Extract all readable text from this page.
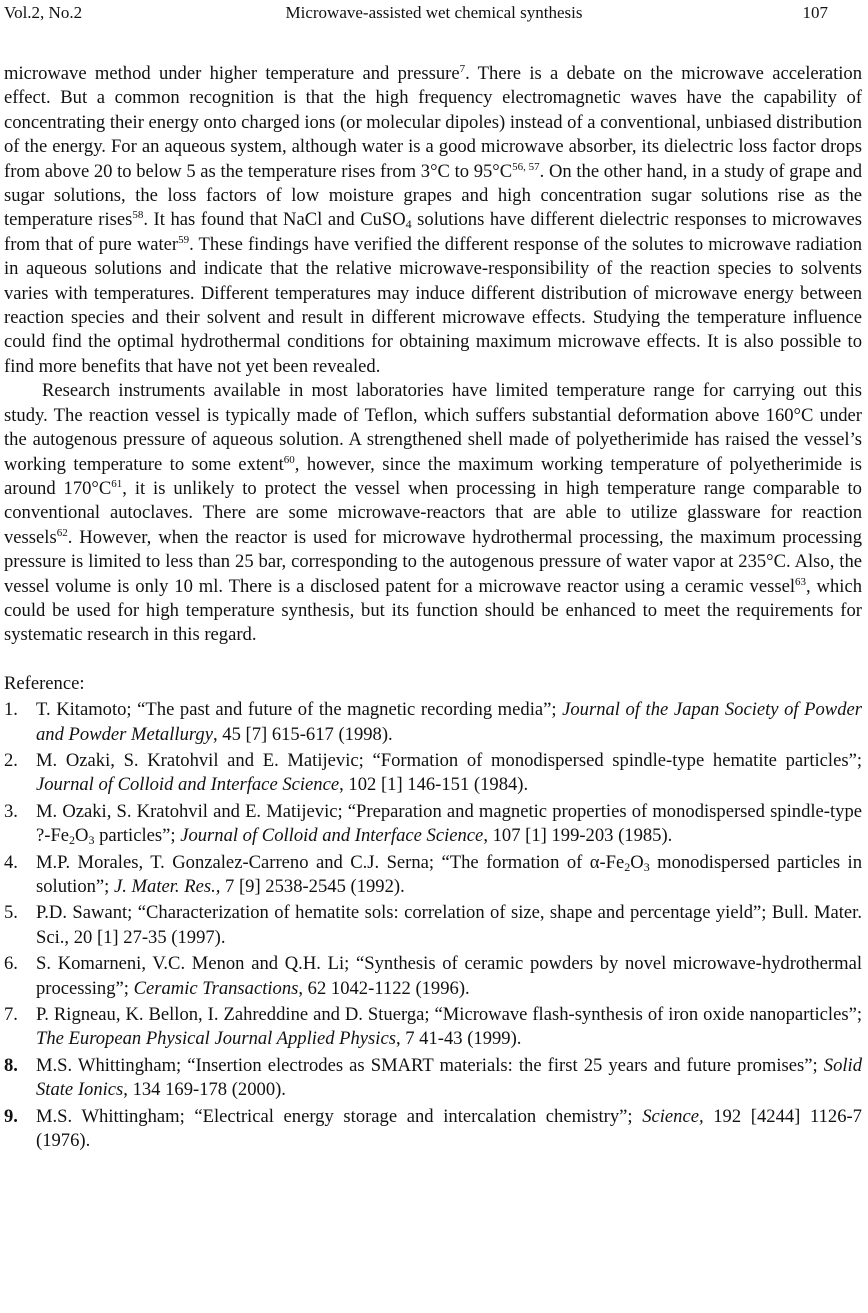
Vol.2, No.2	Microwave-assisted wet chemical synthesis	107

microwave method under higher temperature and pressure$^7$. There is a debate on the microwave acceleration effect. But a common recognition is that the high frequency electromagnetic waves have the capability of concentrating their energy onto charged ions (or molecular dipoles) instead of a conventional, unbiased distribution of the energy. For an aqueous system, although water is a good microwave absorber, its dielectric loss factor drops from above 20 to below 5 as the temperature rises from 3°C to $95^\circ C^{56, 57}$. On the other hand, in a study of grape and sugar solutions, the loss factors of low moisture grapes and high concentration sugar solutions rise as the temperature rises$^{58}$. It has found that NaCl and CuSO$_4$ solutions have different dielectric responses to microwaves from that of pure water$^{59}$. These findings have verified the different response of the solutes to microwave radiation in aqueous solutions and indicate that the relative microwave-responsibility of the reaction species to solvents varies with temperatures. Different temperatures may induce different distribution of microwave energy between reaction species and their solvent and result in different microwave effects. Studying the temperature influence could find the optimal hydrothermal conditions for obtaining maximum microwave effects. It is also possible to find more benefits that have not yet been revealed.

Research instruments available in most laboratories have limited temperature range for carrying out this study. The reaction vessel is typically made of Teflon, which suffers substantial deformation above 160°C under the autogenous pressure of aqueous solution. A strengthened shell made of polyetherimide has raised the vessel’s working temperature to some extent$^{60}$, however, since the maximum working temperature of polyetherimide is around $170^\circ C^{61}$, it is unlikely to protect the vessel when processing in high temperature range comparable to conventional autoclaves. There are some microwave-reactors that are able to utilize glassware for reaction vessels$^{62}$. However, when the reactor is used for microwave hydrothermal processing, the maximum processing pressure is limited to less than 25 bar, corresponding to the autogenous pressure of water vapor at 235°C. Also, the vessel volume is only 10 ml. There is a disclosed patent for a microwave reactor using a ceramic vessel$^{63}$, which could be used for high temperature synthesis, but its function should be enhanced to meet the requirements for systematic research in this regard.

Reference:

1. T. Kitamoto; “The past and future of the magnetic recording media”; Journal of the Japan Society of Powder and Powder Metallurgy, 45 [7] 615-617 (1998).
2. M. Ozaki, S. Kratohvil and E. Matijevic; “Formation of monodispersed spindle-type hematite particles”; Journal of Colloid and Interface Science, 102 [1] 146-151 (1984).
3. M. Ozaki, S. Kratohvil and E. Matijevic; “Preparation and magnetic properties of monodispersed spindle-type $?-Fe_2O_3$ particles”; Journal of Colloid and Interface Science, 107 [1] 199-203 (1985).
4. M.P. Morales, T. Gonzalez-Carreno and C.J. Serna; “The formation of $\alpha-Fe_2O_3$ monodispersed particles in solution”; J. Mater. Res., 7 [9] 2538-2545 (1992).
5. P.D. Sawant; “Characterization of hematite sols: correlation of size, shape and percentage yield”; Bull. Mater. Sci., 20 [1] 27-35 (1997).
6. S. Komarneni, V.C. Menon and Q.H. Li; “Synthesis of ceramic powders by novel microwave-hydrothermal processing”; Ceramic Transactions, 62 1042-1122 (1996).
7. P. Rigneau, K. Bellon, I. Zahreddine and D. Stuerga; “Microwave flash-synthesis of iron oxide nanoparticles”; The European Physical Journal Applied Physics, 7 41-43 (1999).
8. M.S. Whittingham; “Insertion electrodes as SMART materials: the first 25 years and future promises”; Solid State Ionics, 134 169-178 (2000).
9. M.S. Whittingham; “Electrical energy storage and intercalation chemistry”; Science, 192 [4244] 1126-7 (1976).
